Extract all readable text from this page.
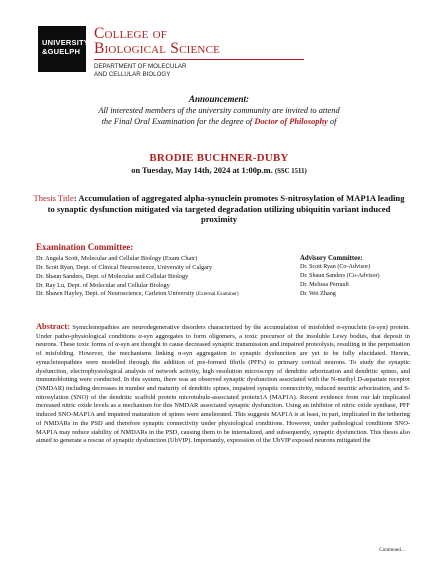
UNIVERSITY
&GUELPH
College of
Biological Science
DEPARTMENT OF MOLECULAR
AND CELLULAR BIOLOGY
Announcement:
All interested members of the university community are invited to attend
the Final Oral Examination for the degree of Doctor of Philosophy of
BRODIE BUCHNER-DUBY
on Tuesday, May 14th, 2024 at 1:00p.m. (SSC 1511)
Thesis Title: Accumulation of aggregated alpha-synuclein promotes S-nitrosylation of MAP1A leading to synaptic dysfunction mitigated via targeted degradation utilizing ubiquitin variant induced proximity
Examination Committee:
Dr. Angela Scott, Molecular and Cellular Biology (Exam Chair)
Dr. Scott Ryan, Dept. of Clinical Neuroscience, University of Calgary
Dr. Shaun Sanders, Dept. of Molecular and Cellular Biology
Dr. Ray Lu, Dept. of Molecular and Cellular Biology
Dr. Shawn Hayley, Dept. of Neuroscience, Carleton University (External Examiner)
Advisory Committee:
Dr. Scott Ryan (Co-Advisor)
Dr. Shaun Sanders (Co-Advisor)
Dr. Melissa Perrault
Dr. Wei Zhang
Abstract: Synucleinopathies are neurodegenerative disorders characterized by the accumulation of misfolded α-synuclein (α-syn) protein. Under patho-physiological conditions α-syn aggregates to form oligomers, a toxic precursor of the insoluble Lewy bodies, that deposit in neurons. These toxic forms of α-syn are thought to cause decreased synaptic transmission and impaired proteolysis, resulting in the perpetuation of misfolding. However, the mechanisms linking α-syn aggregation to synaptic dysfunction are yet to be fully elucidated. Herein, synucleinopathies were modelled through the addition of pre-formed fibrils (PFFs) to primary cortical neurons. To study the synaptic dysfunction, electrophysiological analysis of network activity, high resolution microscopy of dendritic arborization and dendritic spines, and immunoblotting were conducted. In this system, there was an observed synaptic dysfunction associated with the N-methyl D-aspartate receptor (NMDAR) including decreases in number and maturity of dendritic spines, impaired synaptic connectivity, reduced neuritic arborization, and S-nitrosylation (SNO) of the dendritic scaffold protein microtubule-associated protein1A (MAP1A). Recent evidence from our lab implicated increased nitric oxide levels as a mechanism for this NMDAR associated synaptic dysfunction. Using an inhibitor of nitric oxide synthase, PFF induced SNO-MAP1A and impaired maturation of spines were ameliorated. This suggests MAP1A is at least, in part, implicated in the tethering of NMDARs in the PSD and therefore synaptic connectivity under physiological conditions. However, under pathological conditions SNO-MAP1A may reduce stability of NMDARs in the PSD, causing them to be internalized, and subsequently, synaptic dysfunction. This thesis also aimed to generate a rescue of synaptic dysfunction (UbVIP). Importantly, expression of the UbVIP exposed neurons mitigated the
Continued…
